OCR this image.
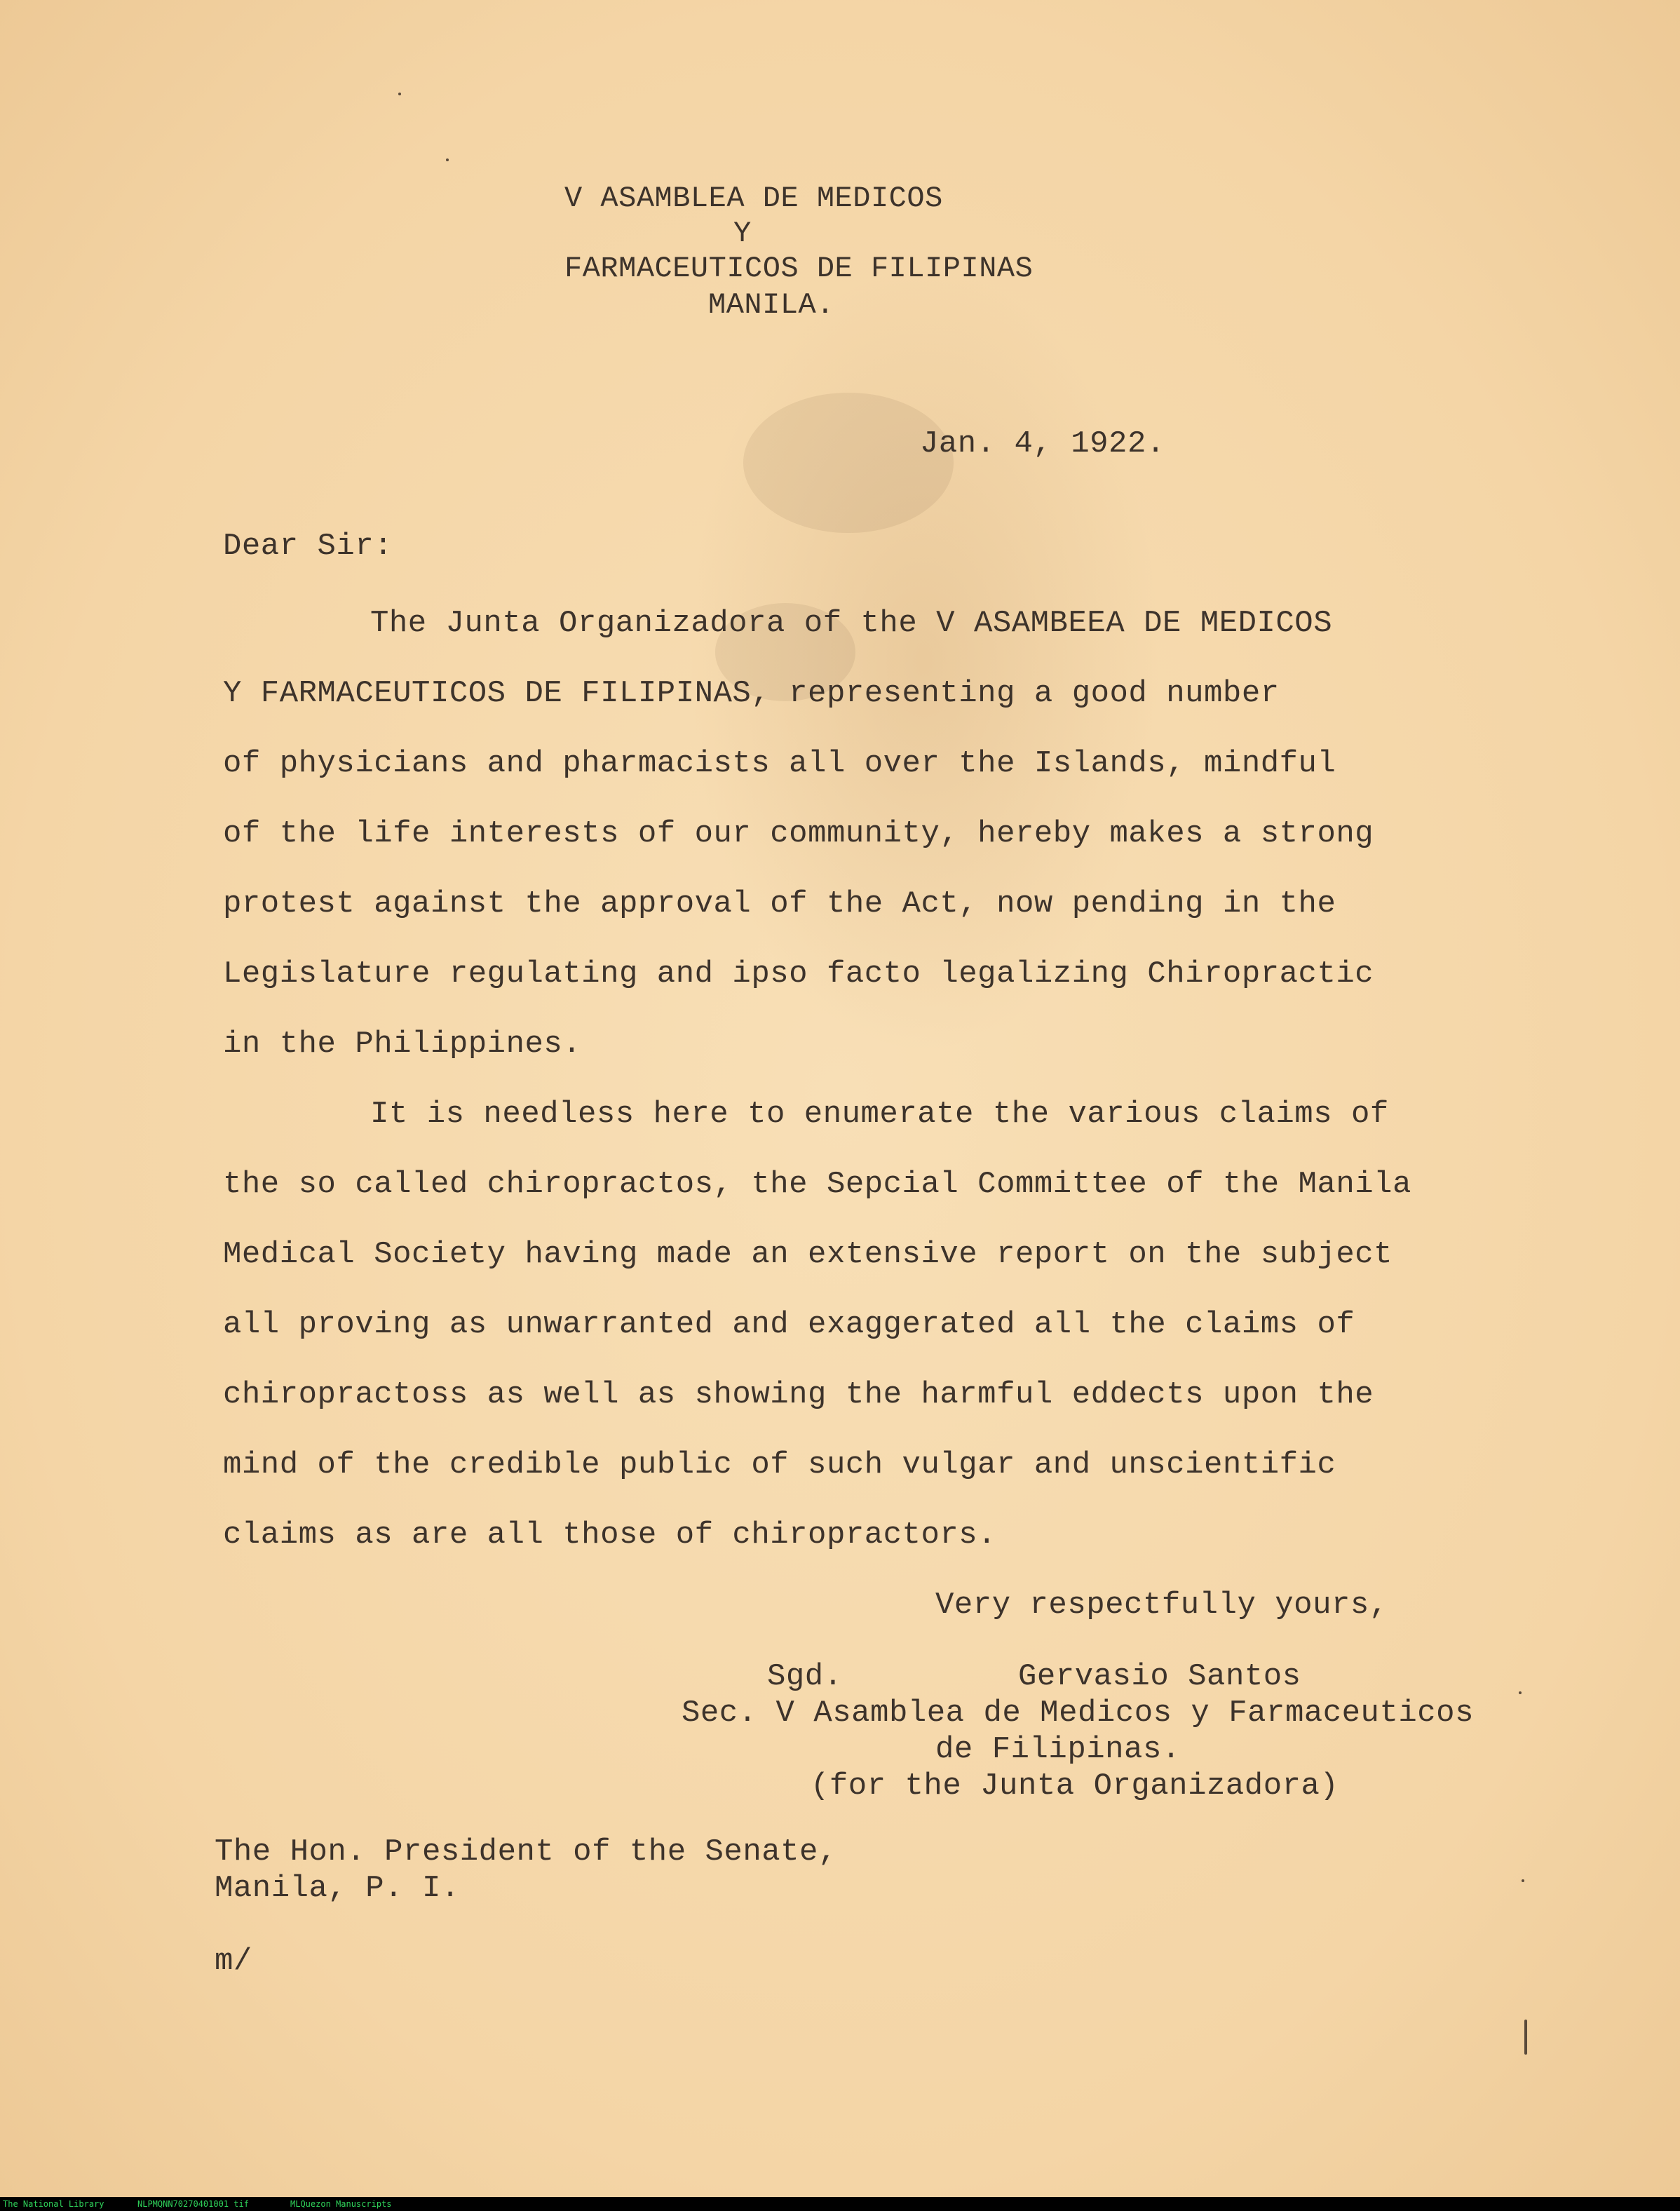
V ASAMBLEA DE MEDICOS
Y
FARMACEUTICOS DE FILIPINAS
MANILA.
Jan. 4, 1922.
Dear Sir:
The Junta Organizadora of the V ASAMBEEA DE MEDICOS
Y FARMACEUTICOS DE FILIPINAS, representing a good number
of physicians and pharmacists all over the Islands, mindful
of the life interests of our community, hereby makes a strong
protest against the approval of the Act, now pending in the
Legislature regulating and ipso facto legalizing Chiropractic
in the Philippines.
It is needless here to enumerate the various claims of
the so called chiropractos, the Sepcial Committee of the Manila
Medical Society having made an extensive report on the subject
all proving as unwarranted and exaggerated all the claims of
chiropractoss as well as showing the harmful eddects upon the
mind of the credible public of such vulgar and unscientific
claims as are all those of chiropractors.
Very respectfully yours,
Sgd.	Gervasio Santos
Sec. V Asamblea de Medicos y Farmaceuticos
de Filipinas.
(for the Junta Organizadora)
The Hon. President of the Senate,
Manila, P. I.
m/
The National Library	NLPMQNN70270401001 tif	MLQuezon Manuscripts
